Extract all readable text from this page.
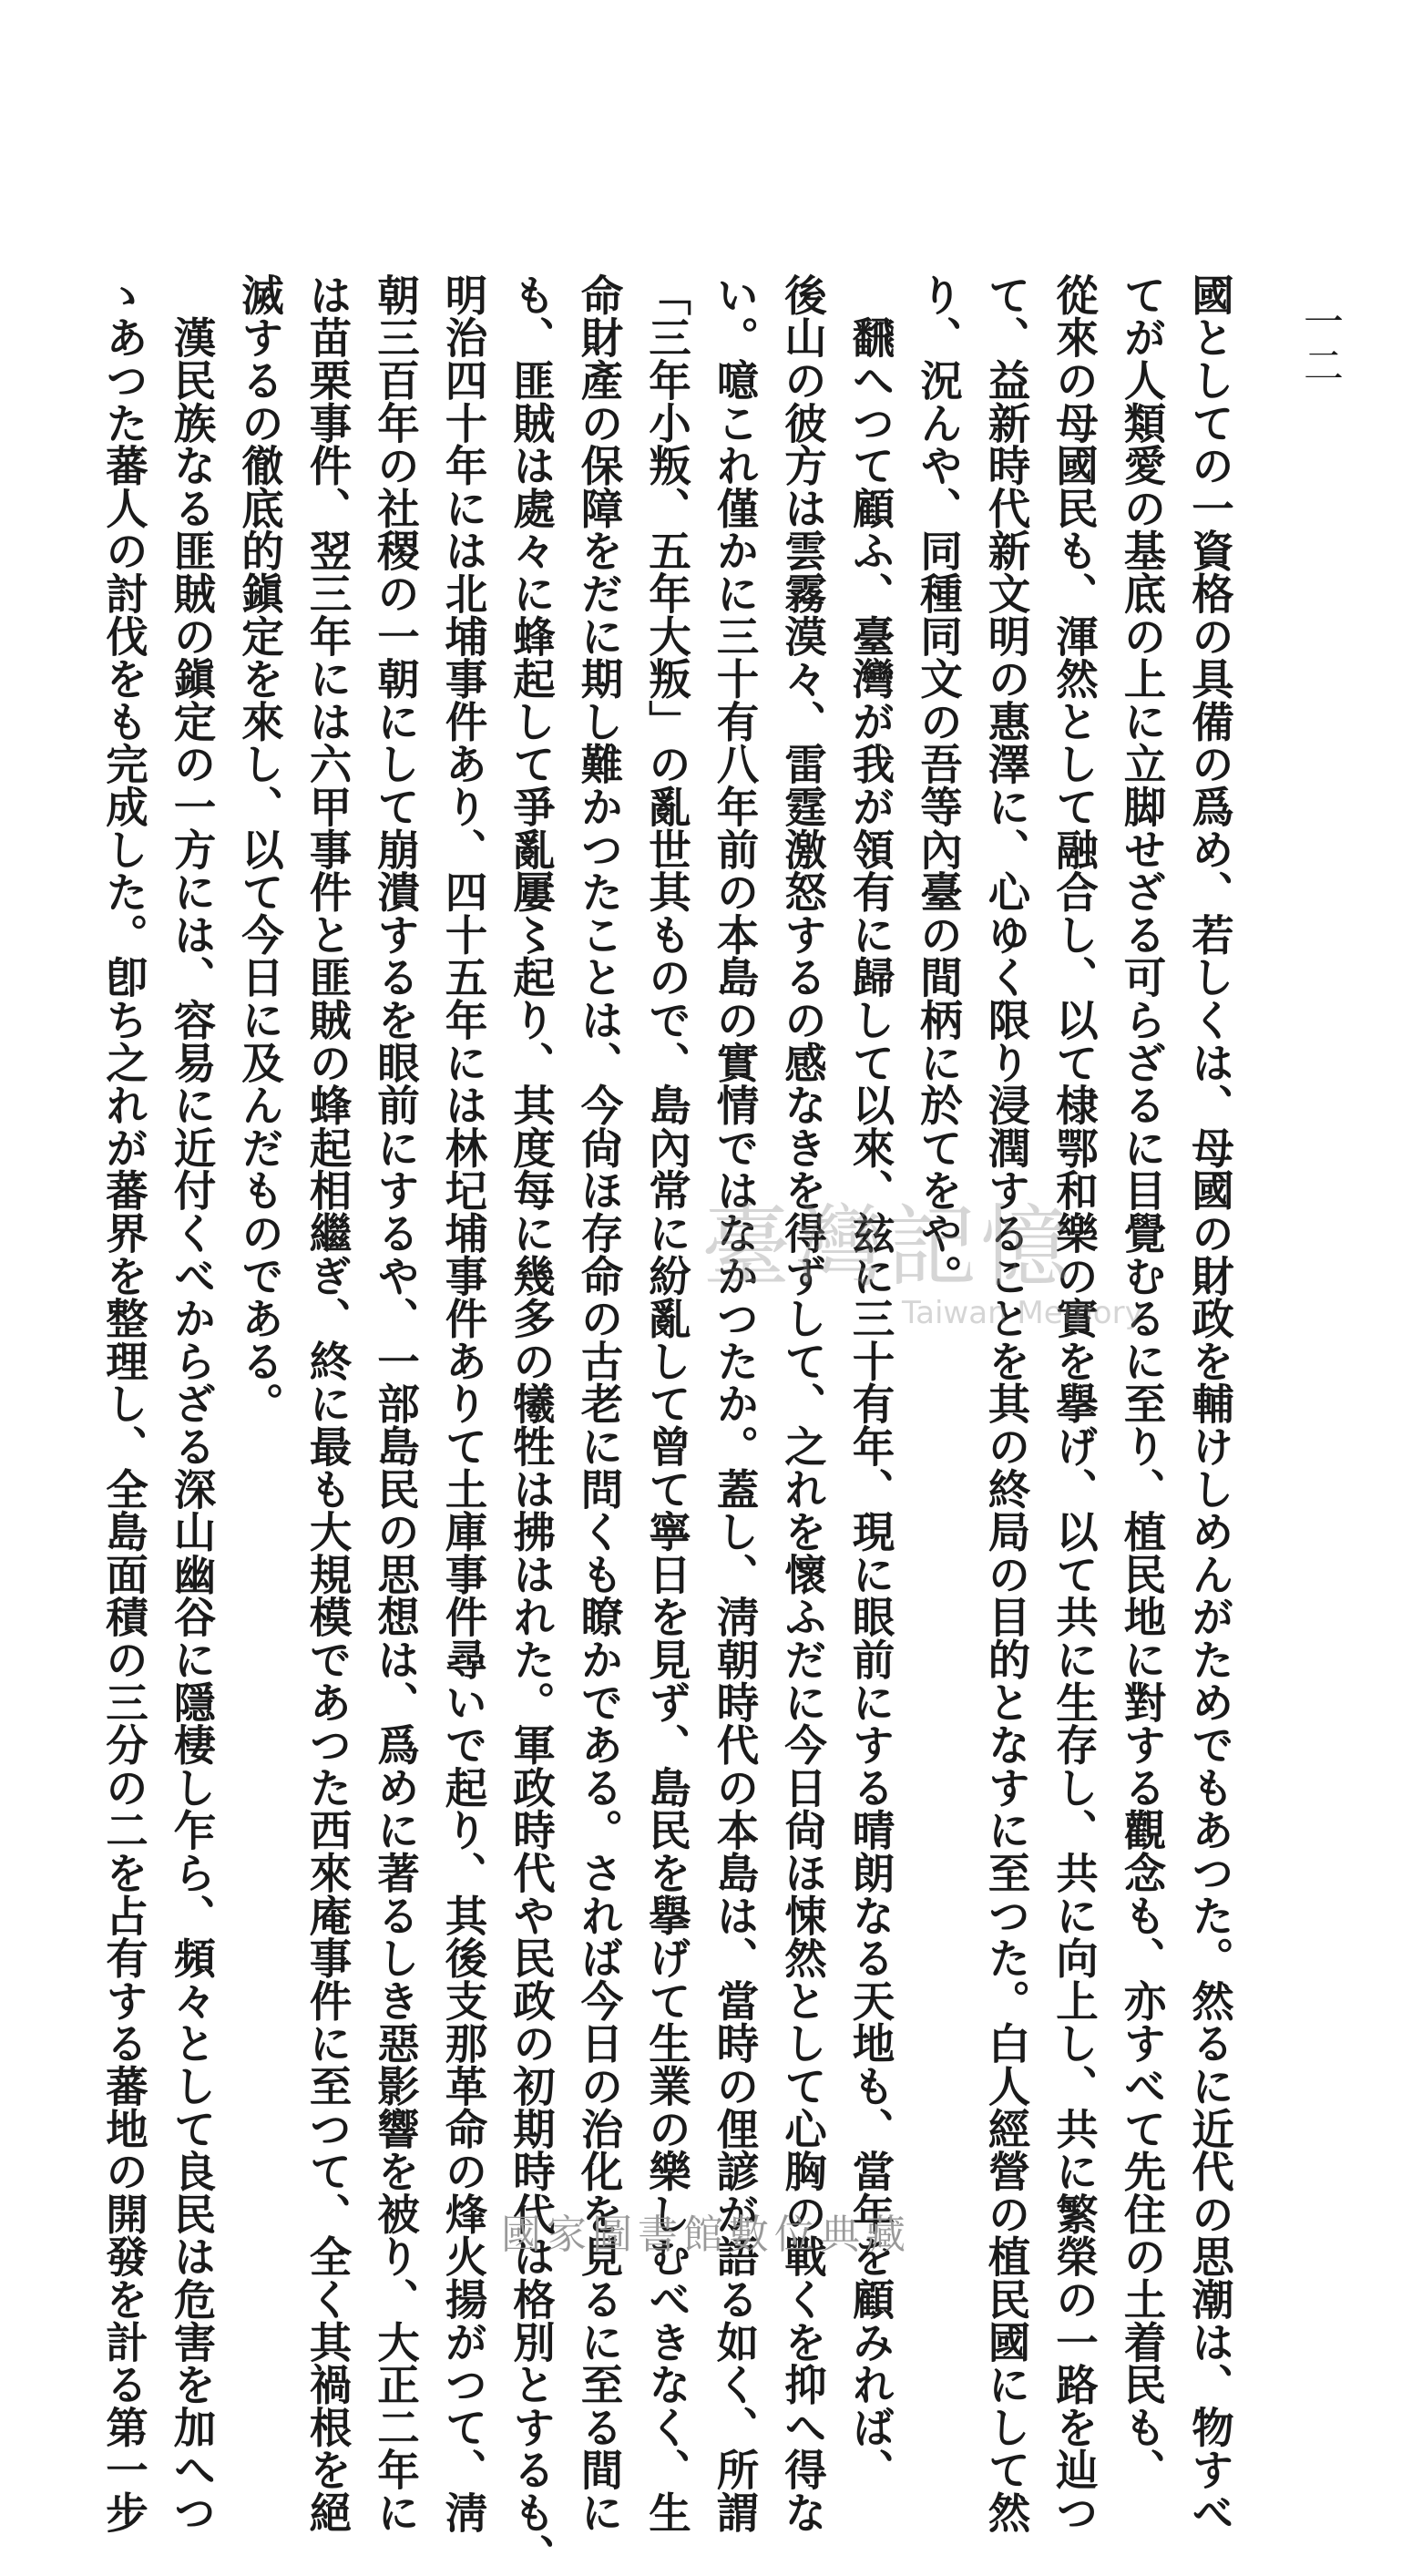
一二
國としての一資格の具備の爲め、若しくは、母國の財政を輔けしめんがためでもあつた。然るに近代の思潮は、物すべ
てが人類愛の基底の上に立脚せざる可らざるに目覺むるに至り、植民地に對する觀念も、亦すべて先住の土着民も、
從來の母國民も、渾然として融合し、以て棣鄂和樂の實を擧げ、以て共に生存し、共に向上し、共に繁榮の一路を辿つ
て、益新時代新文明の惠澤に、心ゆく限り浸潤することを其の終局の目的となすに至つた。白人經營の植民國にして然
り、況んや、同種同文の吾等內臺の間柄に於てをや。
　飜へつて顧ふ、臺灣が我が領有に歸して以來、玆に三十有年、現に眼前にする晴朗なる天地も、當年を顧みれば、
後山の彼方は雲霧漠々、雷霆激怒するの感なきを得ずして、之れを懷ふだに今日尙ほ悚然として心胸の戰くを抑へ得な
い。噫これ僅かに三十有八年前の本島の實情ではなかつたか。蓋し、淸朝時代の本島は、當時の俚諺が語る如く、所謂
「三年小叛、五年大叛」の亂世其もので、島內常に紛亂して曾て寧日を見ず、島民を擧げて生業の樂しむべきなく、生
命財產の保障をだに期し難かつたことは、今尙ほ存命の古老に問くも瞭かである。されば今日の治化を見るに至る間に
も、匪賊は處々に蜂起して爭亂屢〻起り、其度每に幾多の犧牲は拂はれた。軍政時代や民政の初期時代は格別とするも、
明治四十年には北埔事件あり、四十五年には林圮埔事件ありて土庫事件尋いで起り、其後支那革命の烽火揚がつて、淸
朝三百年の社稷の一朝にして崩潰するを眼前にするや、一部島民の思想は、爲めに著るしき惡影響を被り、大正二年に
は苗栗事件、翌三年には六甲事件と匪賊の蜂起相繼ぎ、終に最も大規模であつた西來庵事件に至つて、全く其禍根を絕
滅するの徹底的鎭定を來し、以て今日に及んだものである。
　漢民族なる匪賊の鎭定の一方には、容易に近付くべからざる深山幽谷に隱棲し乍ら、頻々として良民は危害を加へつ
ゝあつた蕃人の討伐をも完成した。卽ち之れが蕃界を整理し、全島面積の三分の二を占有する蕃地の開發を計る第一步	臺灣記憶
Taiwan Memory
國家圖書館數位典藏
